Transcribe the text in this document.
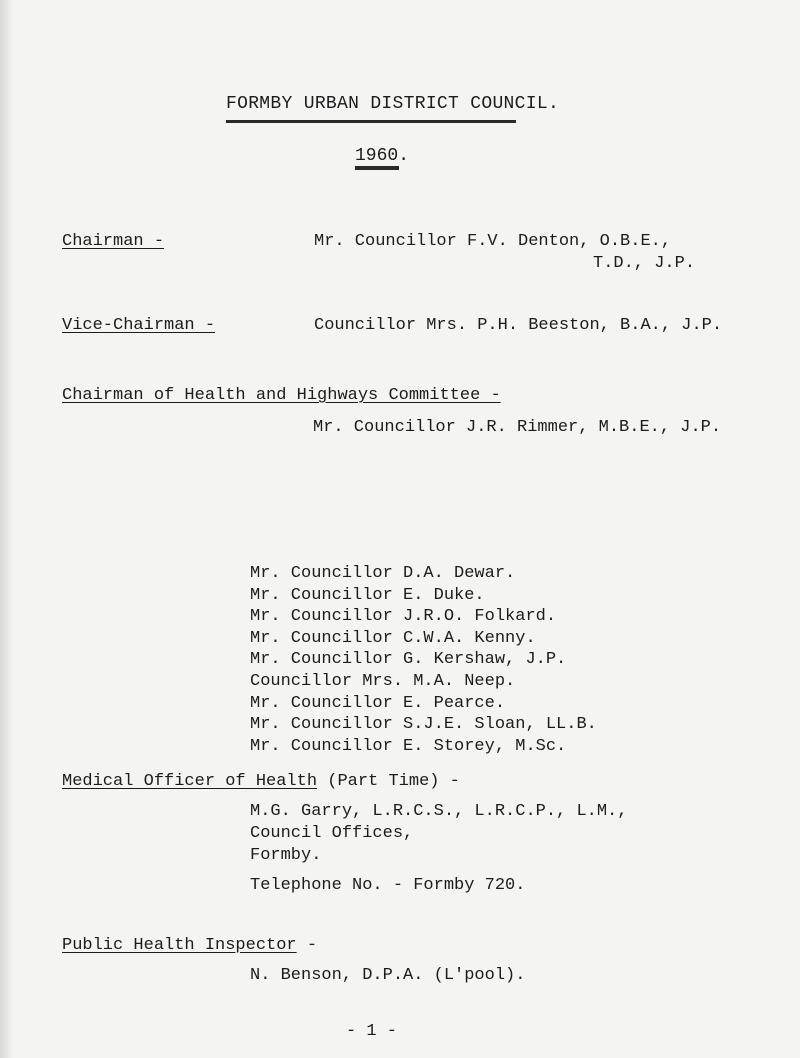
FORMBY URBAN DISTRICT COUNCIL.

1960.

Chairman -	Mr. Councillor F.V. Denton, O.B.E.,

T.D., J.P.

Vice-Chairman -	Councillor Mrs. P.H. Beeston, B.A., J.P.

Chairman of Health and Highways Committee -

Mr. Councillor J.R. Rimmer, M.B.E., J.P.

Mr. Councillor D.A. Dewar.
Mr. Councillor E. Duke.
Mr. Councillor J.R.O. Folkard.
Mr. Councillor C.W.A. Kenny.
Mr. Councillor G. Kershaw, J.P.
Councillor Mrs. M.A. Neep.
Mr. Councillor E. Pearce.
Mr. Councillor S.J.E. Sloan, LL.B.
Mr. Councillor E. Storey, M.Sc.

Medical Officer of Health (Part Time) -

M.G. Garry, L.R.C.S., L.R.C.P., L.M.,

Council Offices,

Formby.

Telephone No. - Formby 720.

Public Health Inspector -

N. Benson, D.P.A. (L'pool).

- 1 -
